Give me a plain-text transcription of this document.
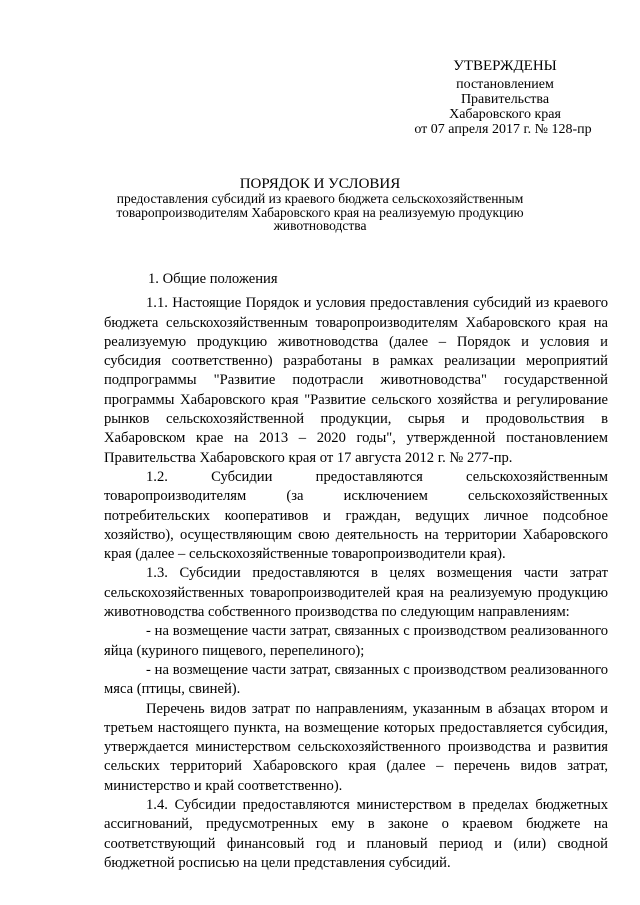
УТВЕРЖДЕНЫ
постановлением
Правительства
Хабаровского края
от 07 апреля 2017 г. № 128-пр
ПОРЯДОК И УСЛОВИЯ
предоставления субсидий из краевого бюджета сельскохозяйственным товаропроизводителям Хабаровского края на реализуемую продукцию животноводства

1. Общие положения

1.1. Настоящие Порядок и условия предоставления субсидий из краевого бюджета сельскохозяйственным товаропроизводителям Хабаровского края на реализуемую продукцию животноводства (далее – Порядок и условия и субсидия соответственно) разработаны в рамках реализации мероприятий подпрограммы "Развитие подотрасли животноводства" государственной программы Хабаровского края "Развитие сельского хозяйства и регулирование рынков сельскохозяйственной продукции, сырья и продовольствия в Хабаровском крае на 2013 – 2020 годы", утвержденной постановлением Правительства Хабаровского края от 17 августа 2012 г. № 277-пр.

1.2. Субсидии предоставляются сельскохозяйственным товаропроизводителям (за исключением сельскохозяйственных потребительских кооперативов и граждан, ведущих личное подсобное хозяйство), осуществляющим свою деятельность на территории Хабаровского края (далее – сельскохозяйственные товаропроизводители края).

1.3. Субсидии предоставляются в целях возмещения части затрат сельскохозяйственных товаропроизводителей края на реализуемую продукцию животноводства собственного производства по следующим направлениям:

- на возмещение части затрат, связанных с производством реализованного яйца (куриного пищевого, перепелиного);

- на возмещение части затрат, связанных с производством реализованного мяса (птицы, свиней).

Перечень видов затрат по направлениям, указанным в абзацах втором и третьем настоящего пункта, на возмещение которых предоставляется субсидия, утверждается министерством сельскохозяйственного производства и развития сельских территорий Хабаровского края (далее – перечень видов затрат, министерство и край соответственно).

1.4. Субсидии предоставляются министерством в пределах бюджетных ассигнований, предусмотренных ему в законе о краевом бюджете на соответствующий финансовый год и плановый период и (или) сводной бюджетной росписью на цели представления субсидий.
